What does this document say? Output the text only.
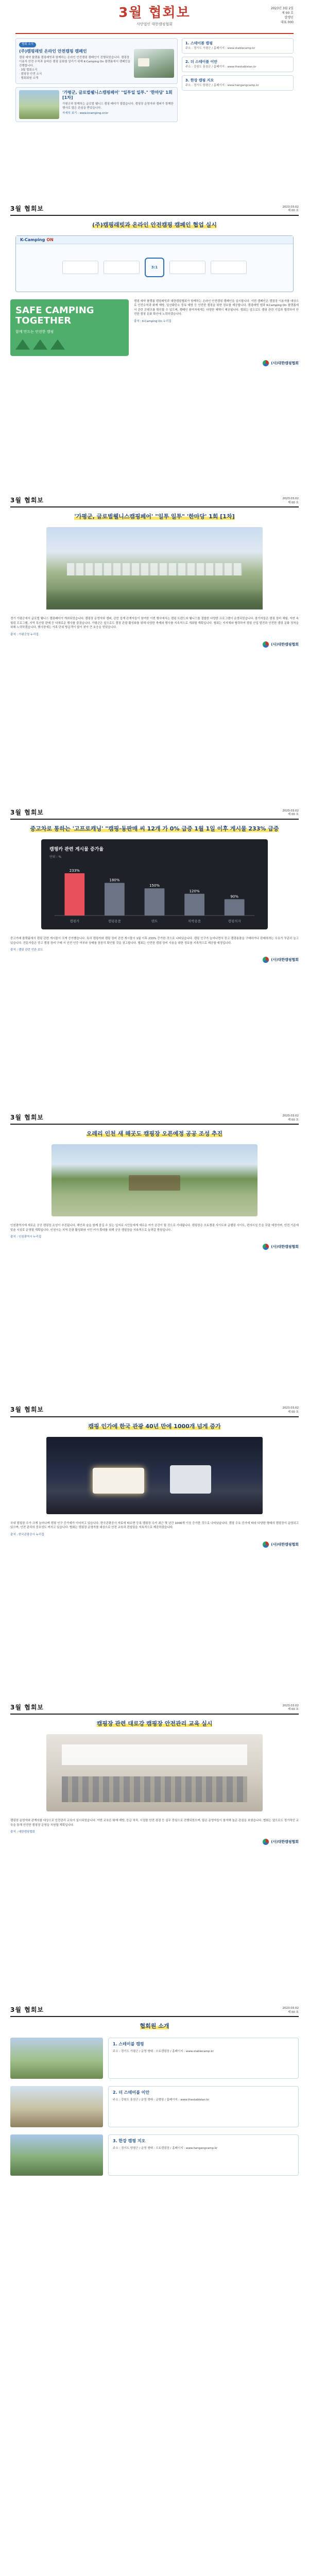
3월 협회보
사단법인 대한캠핑협회
2023년 3월 2일
제 00 호
발행인
대표 000
협회 소식
(주)캠핑래빗 온라인 안전캠핑 캠페인
캠핑 예약 플랫폼 캠핑래빗과 함께하는 온라인 안전캠핑 캠페인이 진행되었습니다. 캠핑장 이용자 안전 수칙과 올바른 캠핑 문화를 알리기 위해 K-Camping On 플랫폼에서 캠페인을 진행합니다.
· 3월 협회소식
· 캠핑장 안전 소식
· 협회회원 소개
'가평군, 글로벌웰니스캠핑페어' "일투일 일투." '한마당' 1회 [1차]
가평군과 함께하는 글로벌 웰니스 캠핑 페어가 열렸습니다. 캠핑장 운영자와 캠퍼가 함께한 행사로 많은 관심을 받았습니다.
자세히 보기 : www.kcamping.or.kr
1. 스테이블 캠핑
주소 : 경기도 가평군 / 홈페이지 : www.stablecamp.kr
2. 더 스테이블 이안
주소 : 강원도 홍천군 / 홈페이지 : www.thestableian.kr
3. 한강 캠핑 지오
주소 : 경기도 양평군 / 홈페이지 : www.hangangcamp.kr
3월 협회보	2023.03.02
제 00 호
(주)캠핑래빗과 온라인 안전캠핑 캠페인 협업 실시
K-Camping ON
3:1
SAFE CAMPING TOGETHER
함께 만드는 안전한 캠핑
캠핑 예약 플랫폼 캠핑래빗과 대한캠핑협회가 함께하는 온라인 안전캠핑 캠페인을 실시합니다. 이번 캠페인은 캠핑장 이용자를 대상으로 안전수칙과 화재 예방, 일산화탄소 중독 예방 등 안전한 캠핑을 위한 정보를 제공합니다. 캠핑래빗 앱과 K-Camping On 플랫폼에서 관련 콘텐츠를 확인할 수 있으며, 캠페인 참여자에게는 다양한 혜택이 제공됩니다. 협회는 앞으로도 캠핑 관련 기업과 협력하여 안전한 캠핑 문화 확산에 노력하겠습니다.
출처 : K-Camping On 누리집
(사)대한캠핑협회
3월 협회보	2023.03.02
제 00 호
'가평군, 글로벌웰니스캠핑페어' "일투 일투" '한마당' 1회 [1차]
경기 가평군에서 글로벌 웰니스 캠핑페어가 개최되었습니다. 캠핑장 운영자와 캠퍼, 관련 업계 관계자들이 참여한 이번 행사에서는 캠핑 트렌드와 웰니스를 결합한 다양한 프로그램이 운영되었습니다. 참가자들은 캠핑 장비 체험, 자연 속 힐링 프로그램, 지역 특산물 판매 등 다채로운 행사를 즐겼습니다. 가평군은 앞으로도 캠핑 관광 활성화를 위해 다양한 축제와 행사를 지속적으로 개최할 계획입니다. 협회는 지자체와 협력하여 캠핑 산업 발전과 안전한 캠핑 문화 정착을 위해 노력하겠습니다. 행사장에는 가족 단위 방문객이 많이 찾아 큰 호응을 얻었습니다.
출처 : 가평군청 누리집
(사)대한캠핑협회
3월 협회보	2023.03.02
제 00 호
중고차로 통하는 '고프로캐닝' "캠핑·동판매 씨 12개 가 0% 급증 1월 1일 이후 게시물 233% 급증
캠핑카 관련 게시물 증가율
단위 : %
233%
캠핑카
180%
캠핑용품
150%
텐트
120%
차박용품
90%
캠핑의자
중고거래 플랫폼에서 캠핑 관련 게시물이 크게 증가했습니다. 특히 캠핑카와 캠핑 장비 관련 게시물이 1월 이후 233% 증가한 것으로 나타났습니다. 캠핑 인구가 늘어나면서 중고 캠핑용품을 구매하거나 판매하려는 수요가 꾸준히 늘고 있습니다. 전문가들은 중고 캠핑 장비 구매 시 안전 인증 여부와 상태를 꼼꼼히 확인할 것을 권고합니다. 협회는 안전한 캠핑 장비 사용을 위한 정보를 지속적으로 제공할 예정입니다.
출처 : 캠핑 관련 언론 보도
(사)대한캠핑협회
3월 협회보	2023.03.02
제 00 호
오레리 인천 새 해곳도 캠핑장 오픈예정 공공 조성 추진
인천광역시에 새로운 공공 캠핑장 조성이 추진됩니다. 해안과 숲을 함께 즐길 수 있는 입지로 시민들에게 새로운 여가 공간이 될 것으로 기대됩니다. 캠핑장은 오토캠핑 사이트와 글램핑 사이트, 편의시설 등을 갖출 예정이며, 안전 기준에 맞춘 시설로 운영될 계획입니다. 인천시는 지역 관광 활성화와 시민 여가 확대를 위해 공공 캠핑장을 지속적으로 늘려갈 방침입니다.
출처 : 인천광역시 누리집
(사)대한캠핑협회
3월 협회보	2023.03.02
제 00 호
캠핑 인가에 한국 관광 40년 만에 1000개 넘게 증가
국내 캠핑장 수가 크게 늘어나며 캠핑 인구 증가세가 이어지고 있습니다. 한국관광공사 자료에 따르면 등록 캠핑장 수가 최근 몇 년간 1000개 이상 증가한 것으로 나타났습니다. 캠핑 수요 증가에 따라 다양한 형태의 캠핑장이 운영되고 있으며, 안전 관리의 중요성도 커지고 있습니다. 협회는 캠핑장 운영자를 대상으로 안전 교육과 컨설팅을 지속적으로 제공하겠습니다.
출처 : 한국관광공사 누리집
(사)대한캠핑협회
3월 협회보	2023.03.02
제 00 호
캠핑장 관련 대로강 캠핑장 안전관리 교육 실시
캠핑장 운영자와 관계자를 대상으로 안전관리 교육이 실시되었습니다. 이번 교육은 화재 예방, 응급 처치, 시설물 안전 점검 등 실무 중심으로 진행되었으며, 많은 운영자들이 참석해 높은 관심을 보였습니다. 협회는 앞으로도 정기적인 교육을 통해 안전한 캠핑장 운영을 지원할 계획입니다.
출처 : 대한캠핑협회
(사)대한캠핑협회
3월 협회보	2023.03.02
제 00 호
협회원 소개
1. 스테이블 캠핑
주소 : 경기도 가평군 / 운영 형태 : 오토캠핑장 / 홈페이지 : www.stablecamp.kr
2. 더 스테이블 이안
주소 : 강원도 홍천군 / 운영 형태 : 글램핑 / 홈페이지 : www.thestableian.kr
3. 한강 캠핑 지오
주소 : 경기도 양평군 / 운영 형태 : 오토캠핑장 / 홈페이지 : www.hangangcamp.kr
